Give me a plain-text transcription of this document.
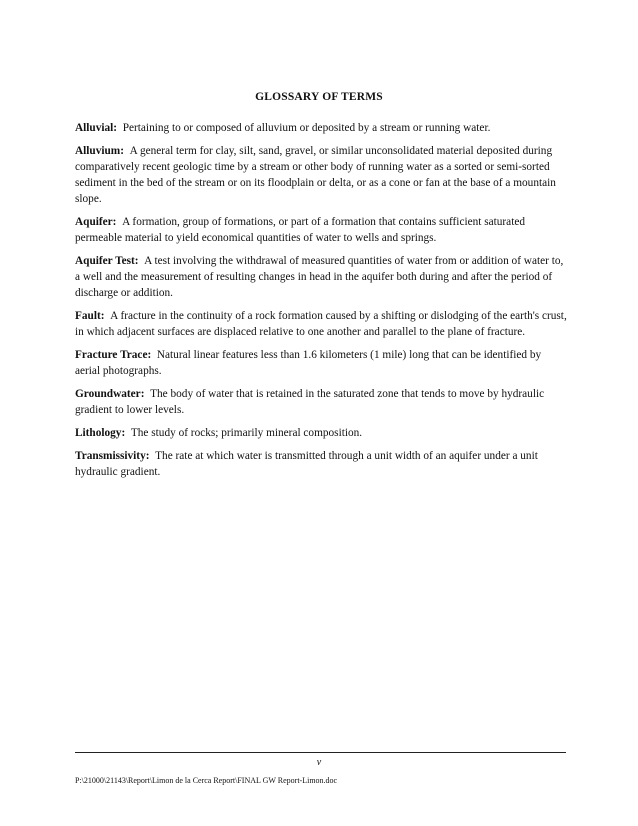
GLOSSARY OF TERMS

Alluvial: Pertaining to or composed of alluvium or deposited by a stream or running water.

Alluvium: A general term for clay, silt, sand, gravel, or similar unconsolidated material deposited during comparatively recent geologic time by a stream or other body of running water as a sorted or semi-sorted sediment in the bed of the stream or on its floodplain or delta, or as a cone or fan at the base of a mountain slope.

Aquifer: A formation, group of formations, or part of a formation that contains sufficient saturated permeable material to yield economical quantities of water to wells and springs.

Aquifer Test: A test involving the withdrawal of measured quantities of water from or addition of water to, a well and the measurement of resulting changes in head in the aquifer both during and after the period of discharge or addition.

Fault: A fracture in the continuity of a rock formation caused by a shifting or dislodging of the earth's crust, in which adjacent surfaces are displaced relative to one another and parallel to the plane of fracture.

Fracture Trace: Natural linear features less than 1.6 kilometers (1 mile) long that can be identified by aerial photographs.

Groundwater: The body of water that is retained in the saturated zone that tends to move by hydraulic gradient to lower levels.

Lithology: The study of rocks; primarily mineral composition.

Transmissivity: The rate at which water is transmitted through a unit width of an aquifer under a unit hydraulic gradient.

v
P:\21000\21143\Report\Limon de la Cerca Report\FINAL GW Report-Limon.doc
